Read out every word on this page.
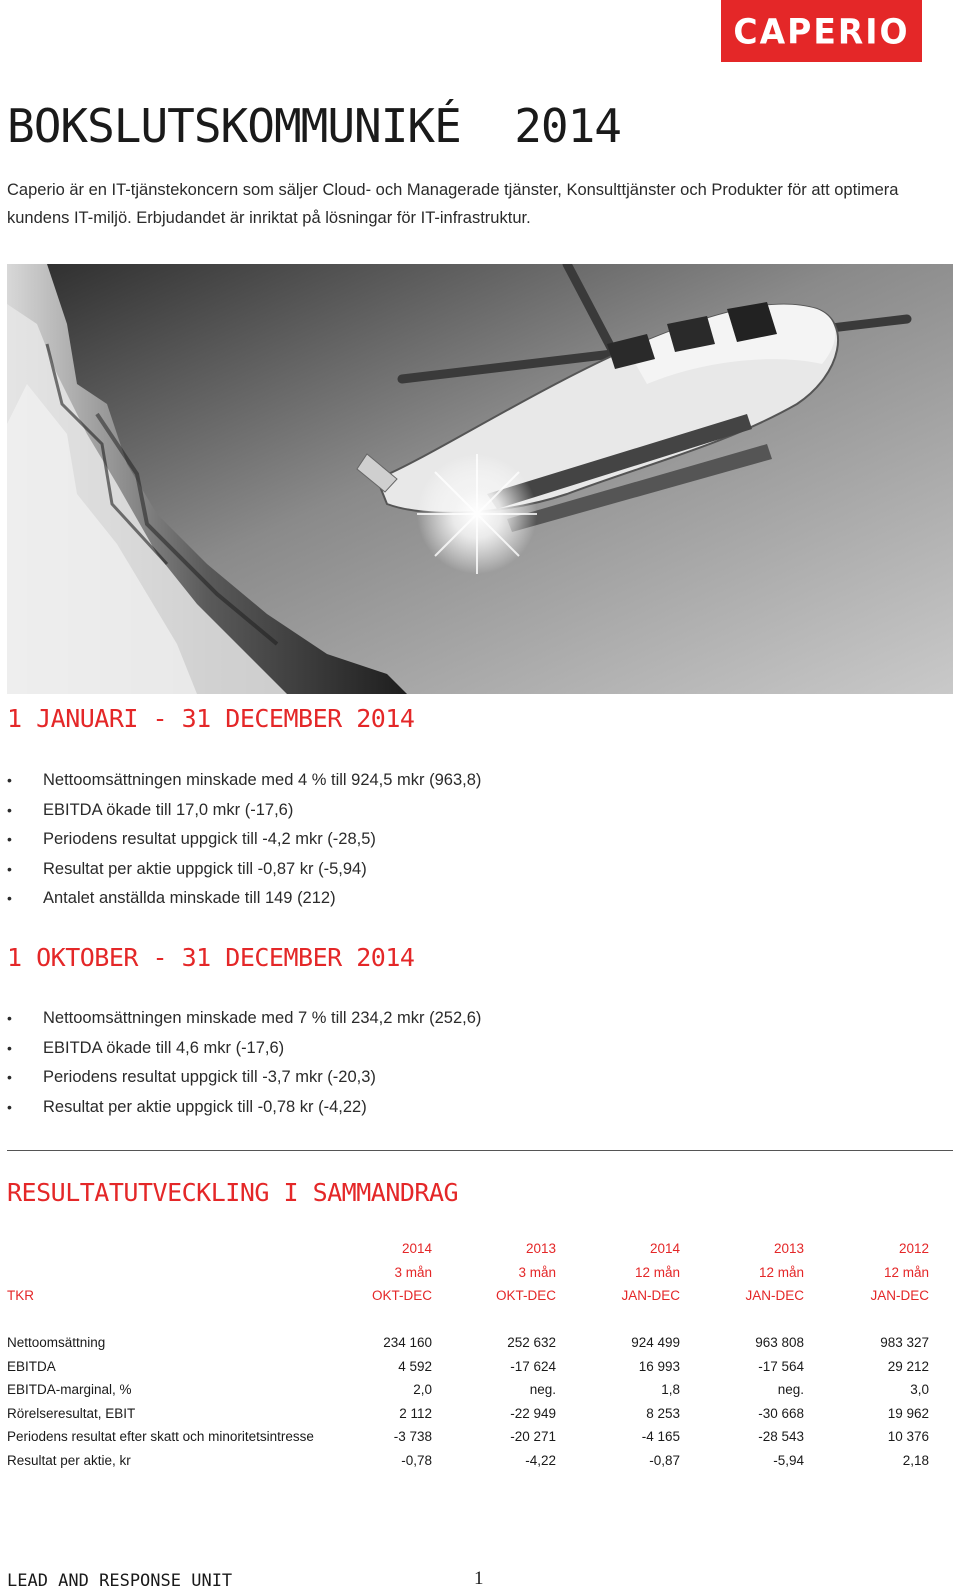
CAPERIO
BOKSLUTSKOMMUNIKÉ  2014

Caperio är en IT-tjänstekoncern som säljer Cloud- och Managerade tjänster, Konsulttjänster och Produkter för att optimera kundens IT-miljö. Erbjudandet är inriktat på lösningar för IT-infrastruktur.

1 JANUARI - 31 DECEMBER 2014
• Nettoomsättningen minskade med 4 % till 924,5 mkr (963,8)
• EBITDA ökade till 17,0 mkr (-17,6)
• Periodens resultat uppgick till -4,2 mkr (-28,5)
• Resultat per aktie uppgick till -0,87 kr (-5,94)
• Antalet anställda minskade till 149 (212)
1 OKTOBER - 31 DECEMBER 2014
• Nettoomsättningen minskade med 7 % till 234,2 mkr (252,6)
• EBITDA ökade till 4,6 mkr (-17,6)
• Periodens resultat uppgick till -3,7 mkr (-20,3)
• Resultat per aktie uppgick till -0,78 kr (-4,22)
RESULTATUTVECKLING I SAMMANDRAG
	2014	2013	2014	2013	2012
	3 mån	3 mån	12 mån	12 mån	12 mån
TKR	OKT-DEC	OKT-DEC	JAN-DEC	JAN-DEC	JAN-DEC

Nettoomsättning	234 160	252 632	924 499	963 808	983 327
EBITDA	4 592	-17 624	16 993	-17 564	29 212
EBITDA-marginal, %	2,0	neg.	1,8	neg.	3,0
Rörelseresultat, EBIT	2 112	-22 949	8 253	-30 668	19 962
Periodens resultat efter skatt och minoritetsintresse	-3 738	-20 271	-4 165	-28 543	10 376
Resultat per aktie, kr	-0,78	-4,22	-0,87	-5,94	2,18
LEAD AND RESPONSE UNIT	1
